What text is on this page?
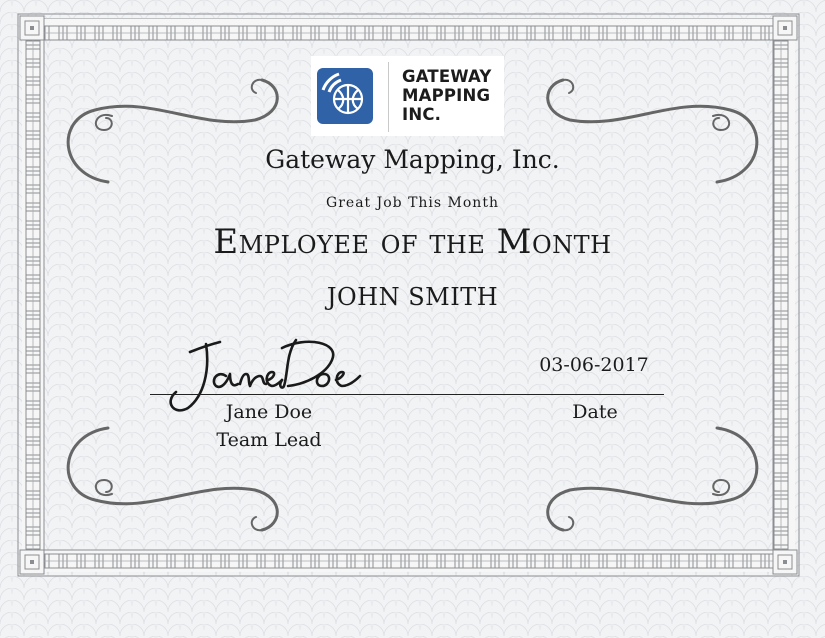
GATEWAY
MAPPING
INC.
Gateway Mapping, Inc.
Great Job This Month
Employee of the Month
JOHN SMITH
03-06-2017
Jane Doe
Team Lead
Date
